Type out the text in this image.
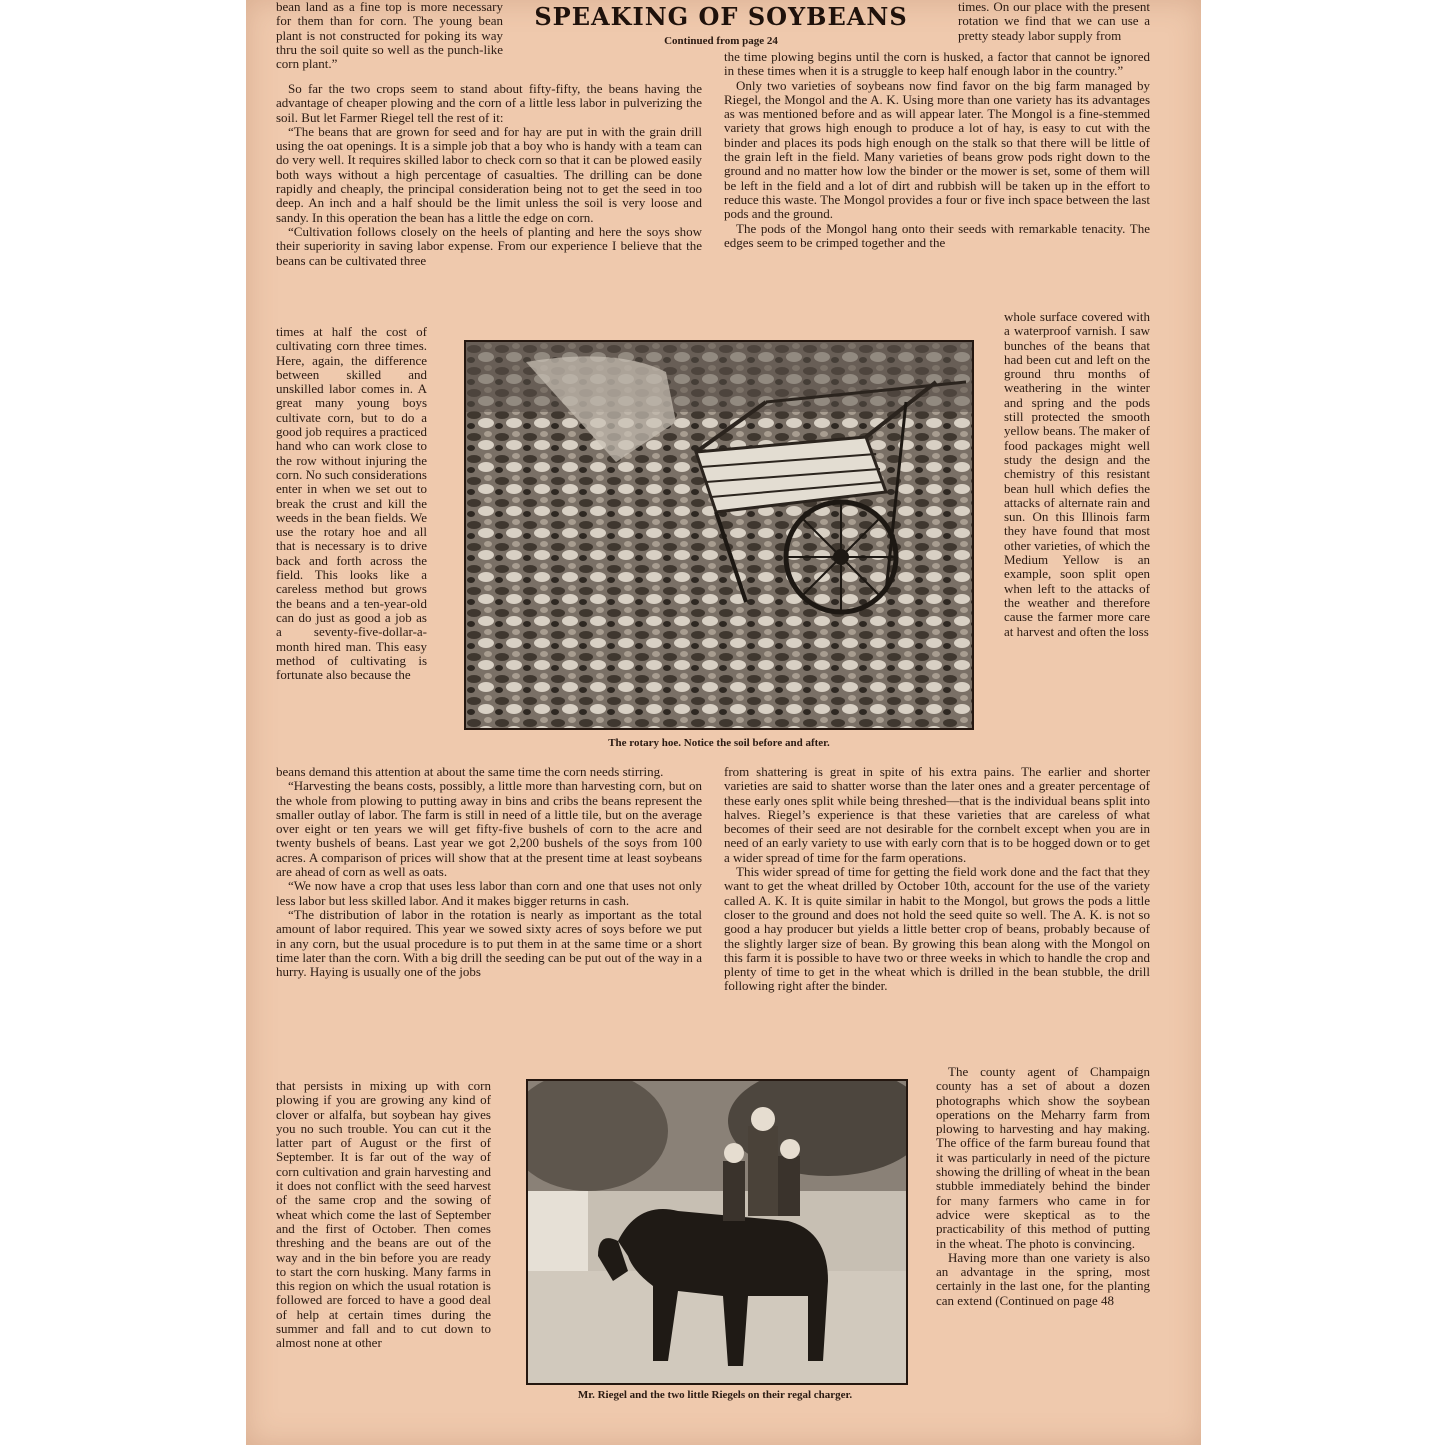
bean land as a fine top is more necessary for them than for corn. The young bean plant is not constructed for poking its way thru the soil quite so well as the punch-like corn plant.”

SPEAKING OF SOYBEANS
Continued from page 24

times. On our place with the present rotation we find that we can use a pretty steady labor supply from

So far the two crops seem to stand about fifty-fifty, the beans having the advantage of cheaper plowing and the corn of a little less labor in pulverizing the soil. But let Farmer Riegel tell the rest of it:

“The beans that are grown for seed and for hay are put in with the grain drill using the oat openings. It is a simple job that a boy who is handy with a team can do very well. It requires skilled labor to check corn so that it can be plowed easily both ways without a high percentage of casualties. The drilling can be done rapidly and cheaply, the principal consideration being not to get the seed in too deep. An inch and a half should be the limit unless the soil is very loose and sandy. In this operation the bean has a little the edge on corn.

“Cultivation follows closely on the heels of planting and here the soys show their superiority in saving labor expense. From our experience I believe that the beans can be cultivated three

times at half the cost of cultivating corn three times. Here, again, the difference between skilled and unskilled labor comes in. A great many young boys cultivate corn, but to do a good job requires a practiced hand who can work close to the row without injuring the corn. No such considerations enter in when we set out to break the crust and kill the weeds in the bean fields. We use the rotary hoe and all that is necessary is to drive back and forth across the field. This looks like a careless method but grows the beans and a ten-year-old can do just as good a job as a seventy-five-dollar-a-month hired man. This easy method of cultivating is fortunate also because the

the time plowing begins until the corn is husked, a factor that cannot be ignored in these times when it is a struggle to keep half enough labor in the country.”

Only two varieties of soybeans now find favor on the big farm managed by Riegel, the Mongol and the A. K. Using more than one variety has its advantages as was mentioned before and as will appear later. The Mongol is a fine-stemmed variety that grows high enough to produce a lot of hay, is easy to cut with the binder and places its pods high enough on the stalk so that there will be little of the grain left in the field. Many varieties of beans grow pods right down to the ground and no matter how low the binder or the mower is set, some of them will be left in the field and a lot of dirt and rubbish will be taken up in the effort to reduce this waste. The Mongol provides a four or five inch space between the last pods and the ground.

The pods of the Mongol hang onto their seeds with remarkable tenacity. The edges seem to be crimped together and the

whole surface covered with a waterproof varnish. I saw bunches of the beans that had been cut and left on the ground thru months of weathering in the winter and spring and the pods still protected the smooth yellow beans. The maker of food packages might well study the design and the chemistry of this resistant bean hull which defies the attacks of alternate rain and sun. On this Illinois farm they have found that most other varieties, of which the Medium Yellow is an example, soon split open when left to the attacks of the weather and therefore cause the farmer more care at harvest and often the loss

The rotary hoe. Notice the soil before and after.

beans demand this attention at about the same time the corn needs stirring.

“Harvesting the beans costs, possibly, a little more than harvesting corn, but on the whole from plowing to putting away in bins and cribs the beans represent the smaller outlay of labor. The farm is still in need of a little tile, but on the average over eight or ten years we will get fifty-five bushels of corn to the acre and twenty bushels of beans. Last year we got 2,200 bushels of the soys from 100 acres. A comparison of prices will show that at the present time at least soybeans are ahead of corn as well as oats.

“We now have a crop that uses less labor than corn and one that uses not only less labor but less skilled labor. And it makes bigger returns in cash.

“The distribution of labor in the rotation is nearly as important as the total amount of labor required. This year we sowed sixty acres of soys before we put in any corn, but the usual procedure is to put them in at the same time or a short time later than the corn. With a big drill the seeding can be put out of the way in a hurry. Haying is usually one of the jobs

from shattering is great in spite of his extra pains. The earlier and shorter varieties are said to shatter worse than the later ones and a greater percentage of these early ones split while being threshed—that is the individual beans split into halves. Riegel’s experience is that these varieties that are careless of what becomes of their seed are not desirable for the cornbelt except when you are in need of an early variety to use with early corn that is to be hogged down or to get a wider spread of time for the farm operations.

This wider spread of time for getting the field work done and the fact that they want to get the wheat drilled by October 10th, account for the use of the variety called A. K. It is quite similar in habit to the Mongol, but grows the pods a little closer to the ground and does not hold the seed quite so well. The A. K. is not so good a hay producer but yields a little better crop of beans, probably because of the slightly larger size of bean. By growing this bean along with the Mongol on this farm it is possible to have two or three weeks in which to handle the crop and plenty of time to get in the wheat which is drilled in the bean stubble, the drill following right after the binder.

that persists in mixing up with corn plowing if you are growing any kind of clover or alfalfa, but soybean hay gives you no such trouble. You can cut it the latter part of August or the first of September. It is far out of the way of corn cultivation and grain harvesting and it does not conflict with the seed harvest of the same crop and the sowing of wheat which come the last of September and the first of October. Then comes threshing and the beans are out of the way and in the bin before you are ready to start the corn husking. Many farms in this region on which the usual rotation is followed are forced to have a good deal of help at certain times during the summer and fall and to cut down to almost none at other

Mr. Riegel and the two little Riegels on their regal charger.

The county agent of Champaign county has a set of about a dozen photographs which show the soybean operations on the Meharry farm from plowing to harvesting and hay making. The office of the farm bureau found that it was particularly in need of the picture showing the drilling of wheat in the bean stubble immediately behind the binder for many farmers who came in for advice were skeptical as to the practicability of this method of putting in the wheat. The photo is convincing.

Having more than one variety is also an advantage in the spring, most certainly in the last one, for the planting can extend (Continued on page 48
